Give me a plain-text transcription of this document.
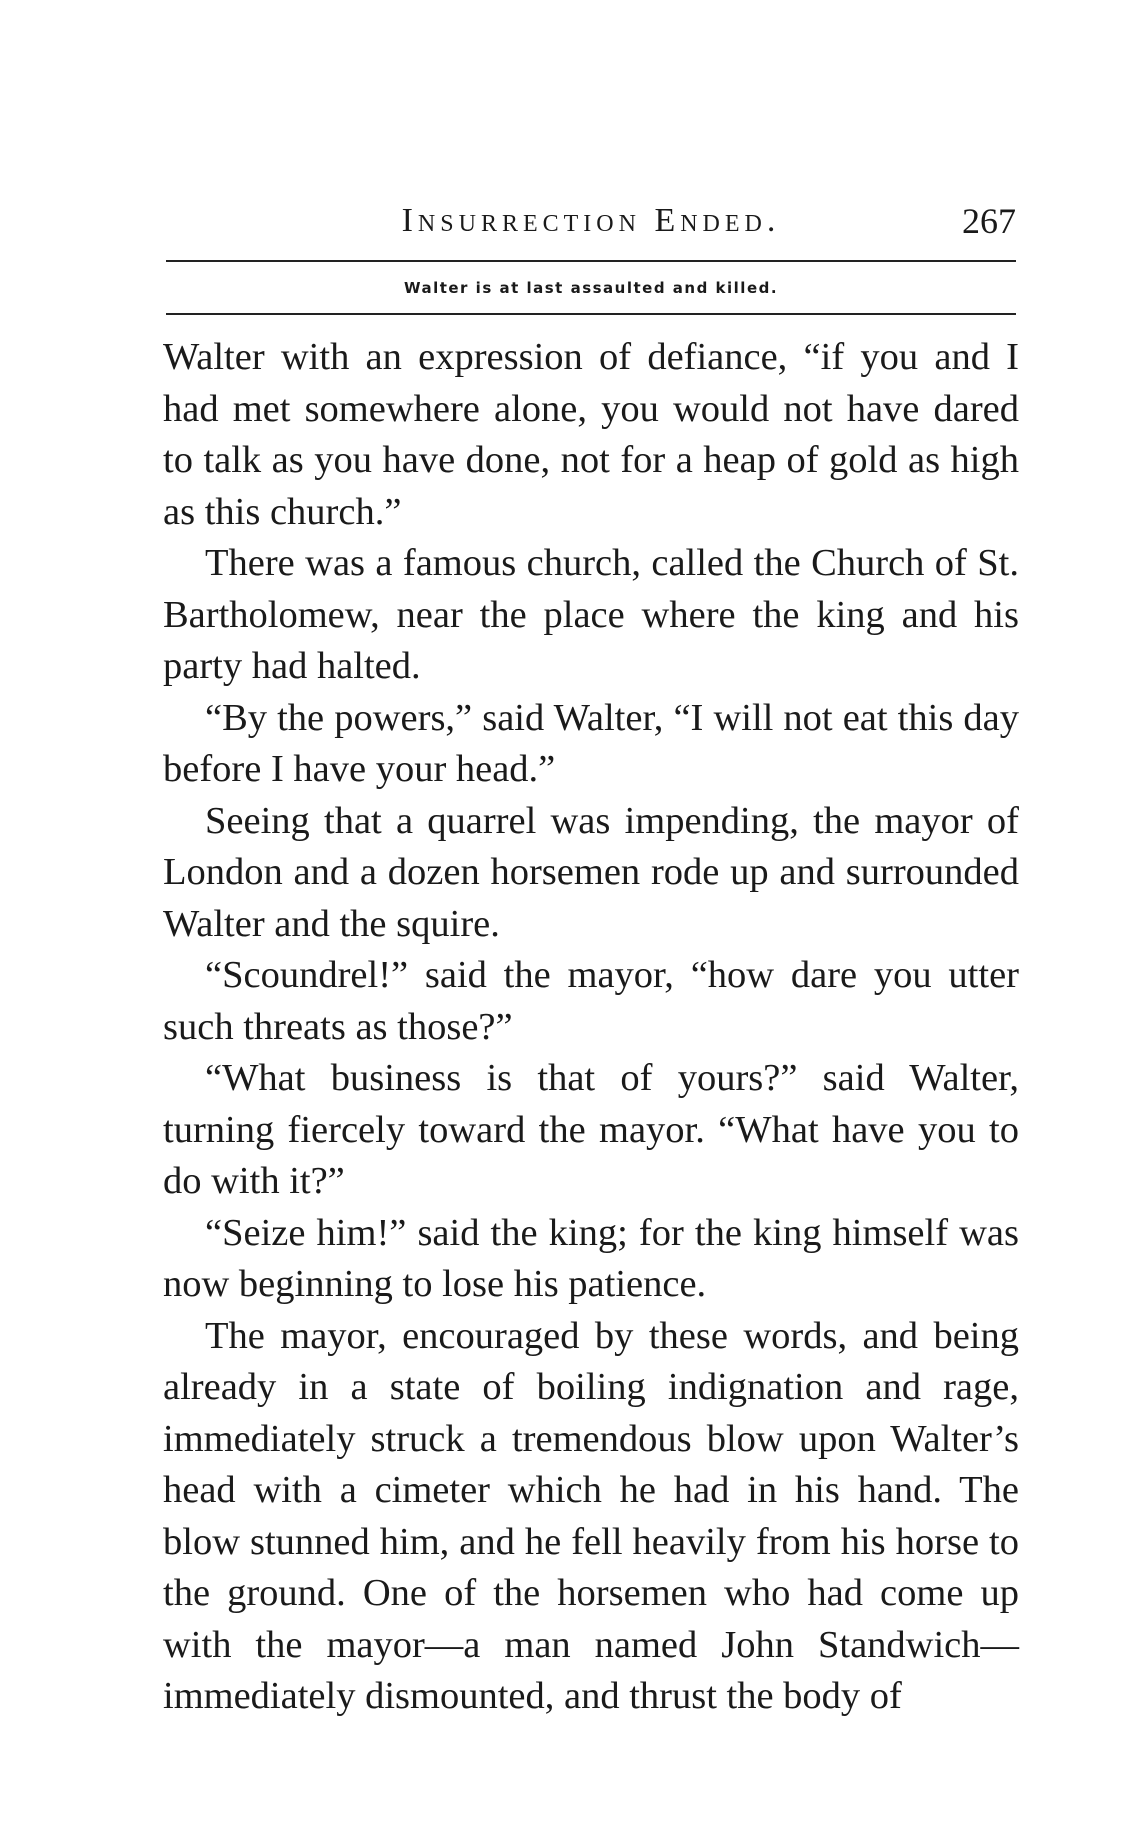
Insurrection Ended.	267
Walter is at last assaulted and killed.

Walter with an expression of defiance, “if you and I had met somewhere alone, you would not have dared to talk as you have done, not for a heap of gold as high as this church.”

There was a famous church, called the Church of St. Bartholomew, near the place where the king and his party had halted.

“By the powers,” said Walter, “I will not eat this day before I have your head.”

Seeing that a quarrel was impending, the mayor of London and a dozen horsemen rode up and surrounded Walter and the squire.

“Scoundrel!” said the mayor, “how dare you utter such threats as those?”

“What business is that of yours?” said Walter, turning fiercely toward the mayor. “What have you to do with it?”

“Seize him!” said the king; for the king himself was now beginning to lose his patience.

The mayor, encouraged by these words, and being already in a state of boiling indignation and rage, immediately struck a tremendous blow upon Walter’s head with a cimeter which he had in his hand. The blow stunned him, and he fell heavily from his horse to the ground. One of the horsemen who had come up with the mayor—a man named John Standwich—immediately dismounted, and thrust the body of
